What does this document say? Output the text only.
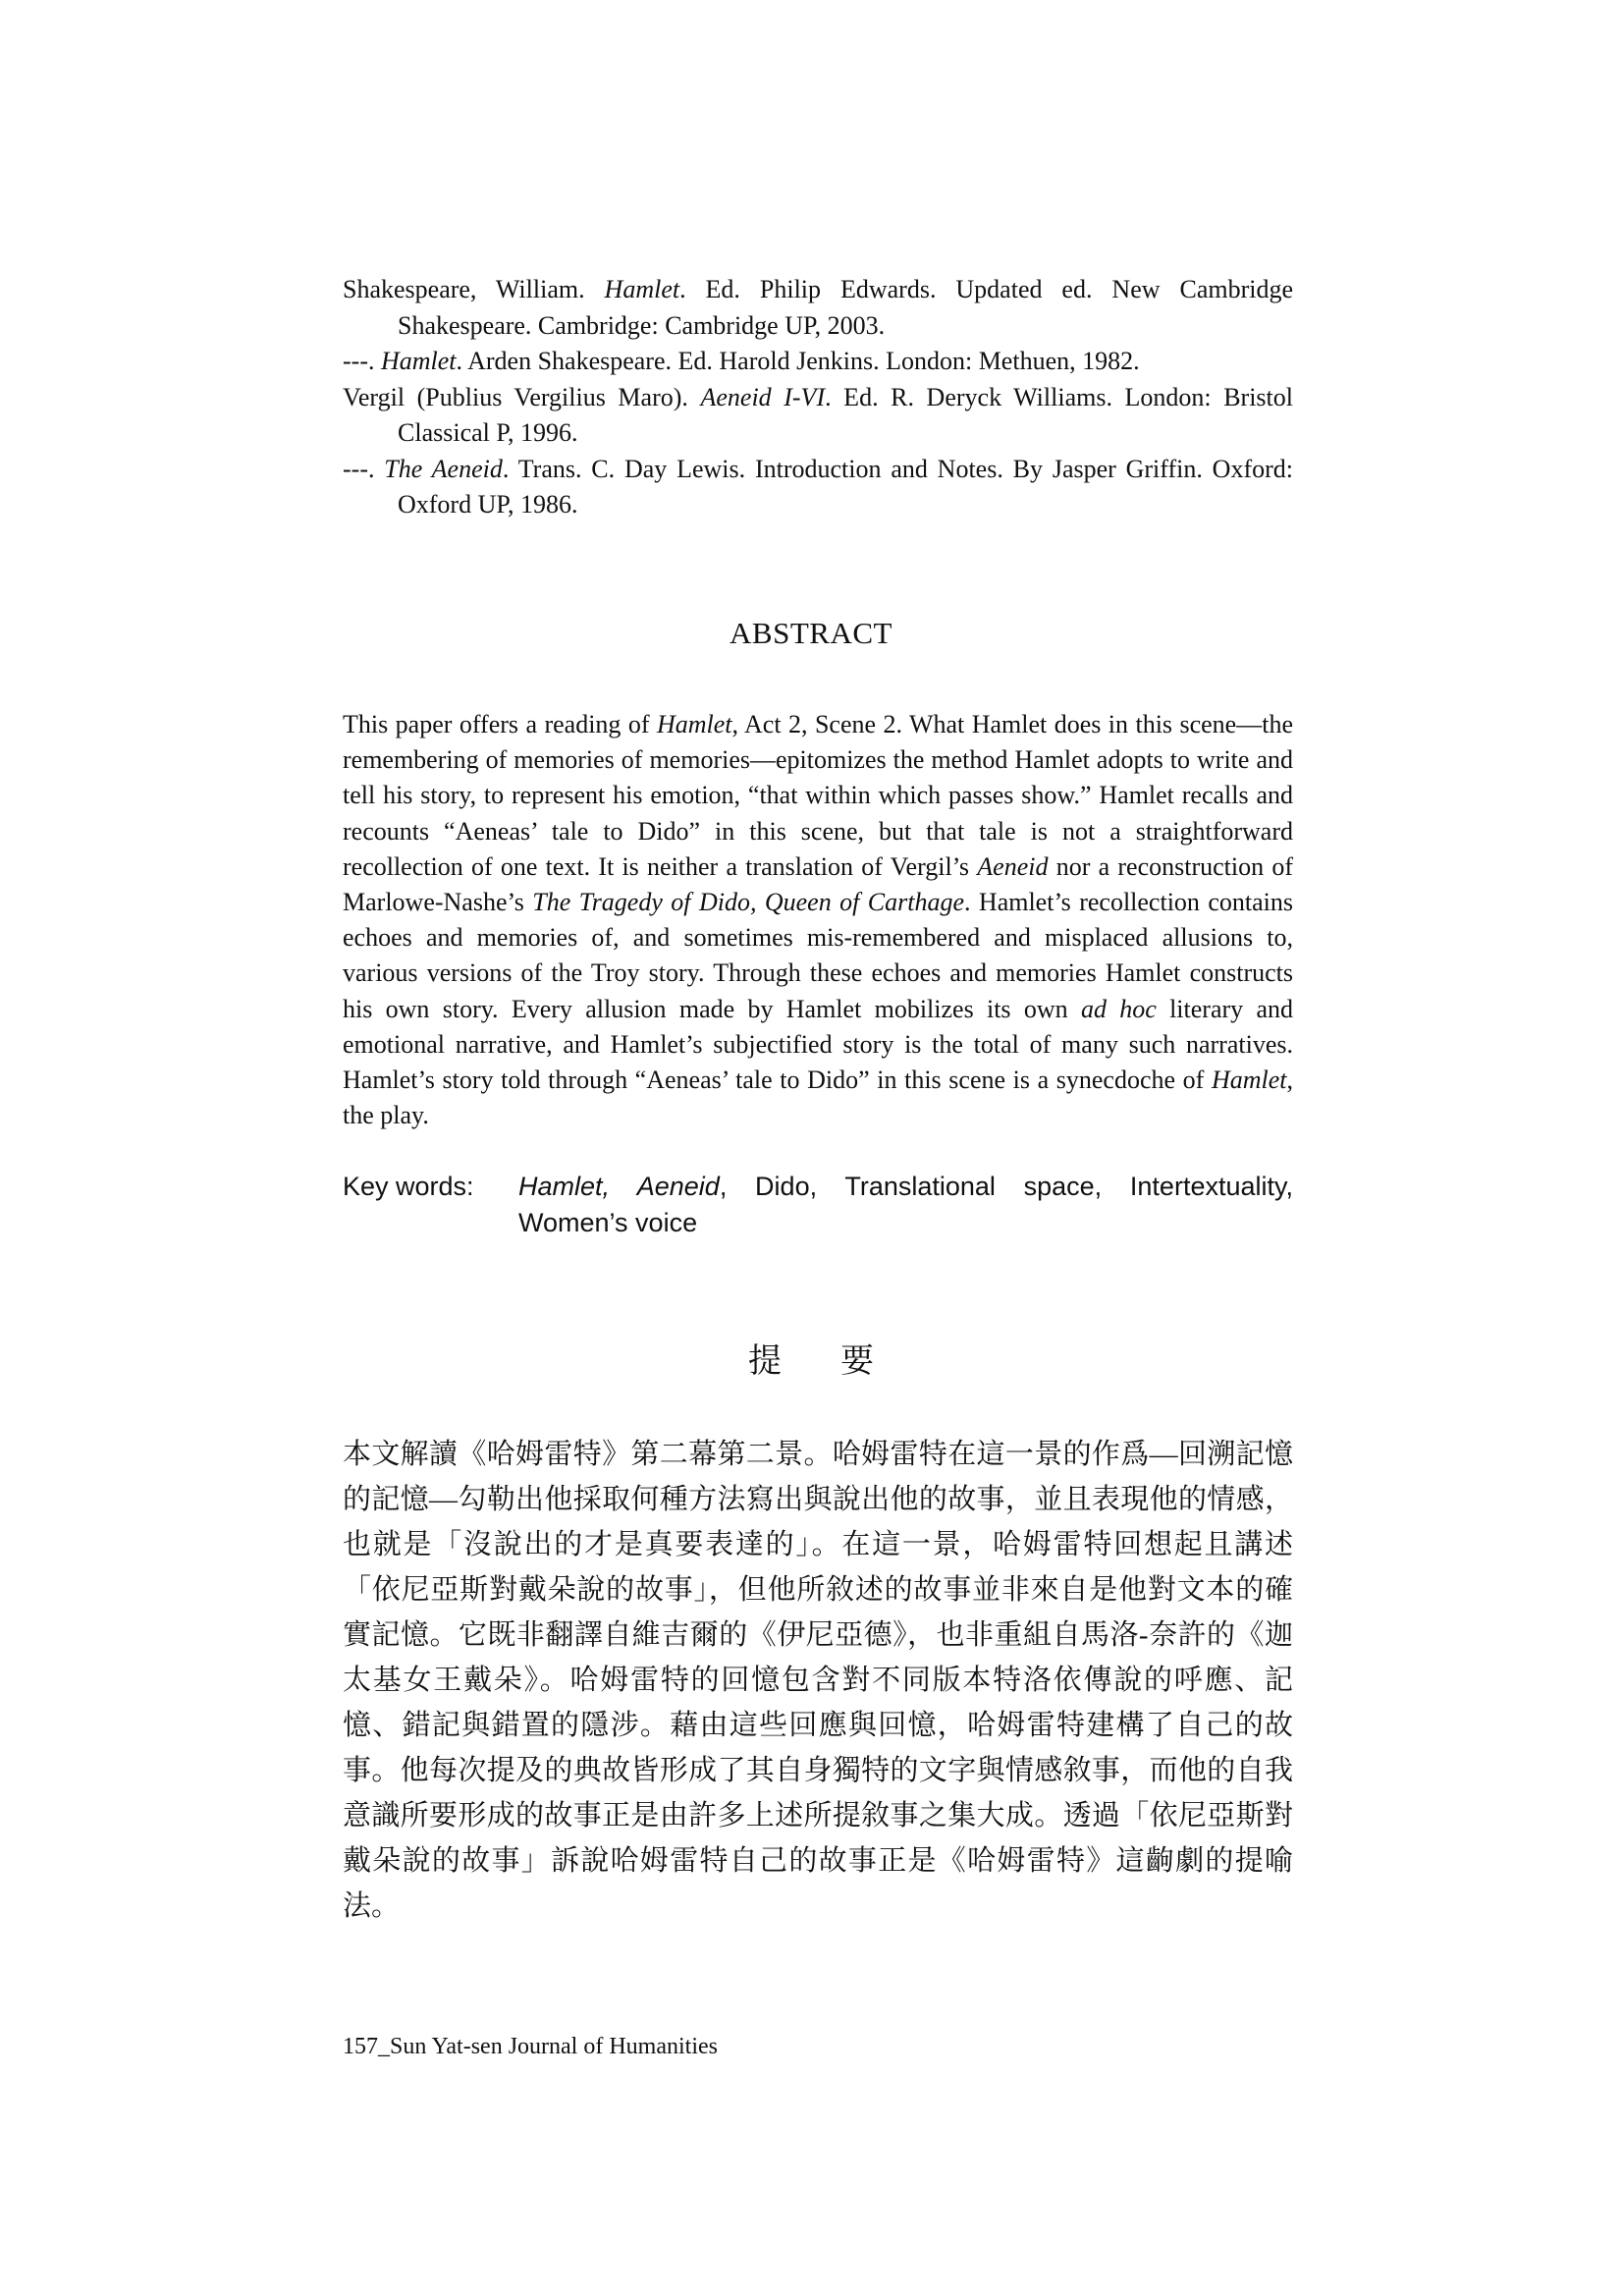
Shakespeare, William. Hamlet. Ed. Philip Edwards. Updated ed. New Cambridge Shakespeare. Cambridge: Cambridge UP, 2003.

---. Hamlet. Arden Shakespeare. Ed. Harold Jenkins. London: Methuen, 1982.

Vergil (Publius Vergilius Maro). Aeneid I-VI. Ed. R. Deryck Williams. London: Bristol Classical P, 1996.

---. The Aeneid. Trans. C. Day Lewis. Introduction and Notes. By Jasper Griffin. Oxford: Oxford UP, 1986.

ABSTRACT

This paper offers a reading of Hamlet, Act 2, Scene 2. What Hamlet does in this scene—the remembering of memories of memories—epitomizes the method Hamlet adopts to write and tell his story, to represent his emotion, “that within which passes show.” Hamlet recalls and recounts “Aeneas’ tale to Dido” in this scene, but that tale is not a straightforward recollection of one text. It is neither a translation of Vergil’s Aeneid nor a reconstruction of Marlowe-Nashe’s The Tragedy of Dido, Queen of Carthage. Hamlet’s recollection contains echoes and memories of, and sometimes mis-remembered and misplaced allusions to, various versions of the Troy story. Through these echoes and memories Hamlet constructs his own story. Every allusion made by Hamlet mobilizes its own ad hoc literary and emotional narrative, and Hamlet’s subjectified story is the total of many such narratives. Hamlet’s story told through “Aeneas’ tale to Dido” in this scene is a synecdoche of Hamlet, the play.

Key words:	Hamlet, Aeneid, Dido, Translational space, Intertextuality, Women’s voice
提 要

本文解讀《哈姆雷特》第二幕第二景。哈姆雷特在這一景的作爲—回溯記憶的記憶—勾勒出他採取何種方法寫出與說出他的故事，並且表現他的情感，也就是「沒說出的才是真要表達的」。在這一景，哈姆雷特回想起且講述「依尼亞斯對戴朵說的故事」，但他所敘述的故事並非來自是他對文本的確實記憶。它既非翻譯自維吉爾的《伊尼亞德》，也非重組自馬洛-奈許的《迦太基女王戴朵》。哈姆雷特的回憶包含對不同版本特洛依傳說的呼應、記憶、錯記與錯置的隱涉。藉由這些回應與回憶，哈姆雷特建構了自己的故事。他每次提及的典故皆形成了其自身獨特的文字與情感敘事，而他的自我意識所要形成的故事正是由許多上述所提敘事之集大成。透過「依尼亞斯對戴朵說的故事」訴說哈姆雷特自己的故事正是《哈姆雷特》這齣劇的提喻法。

157_Sun Yat-sen Journal of Humanities
